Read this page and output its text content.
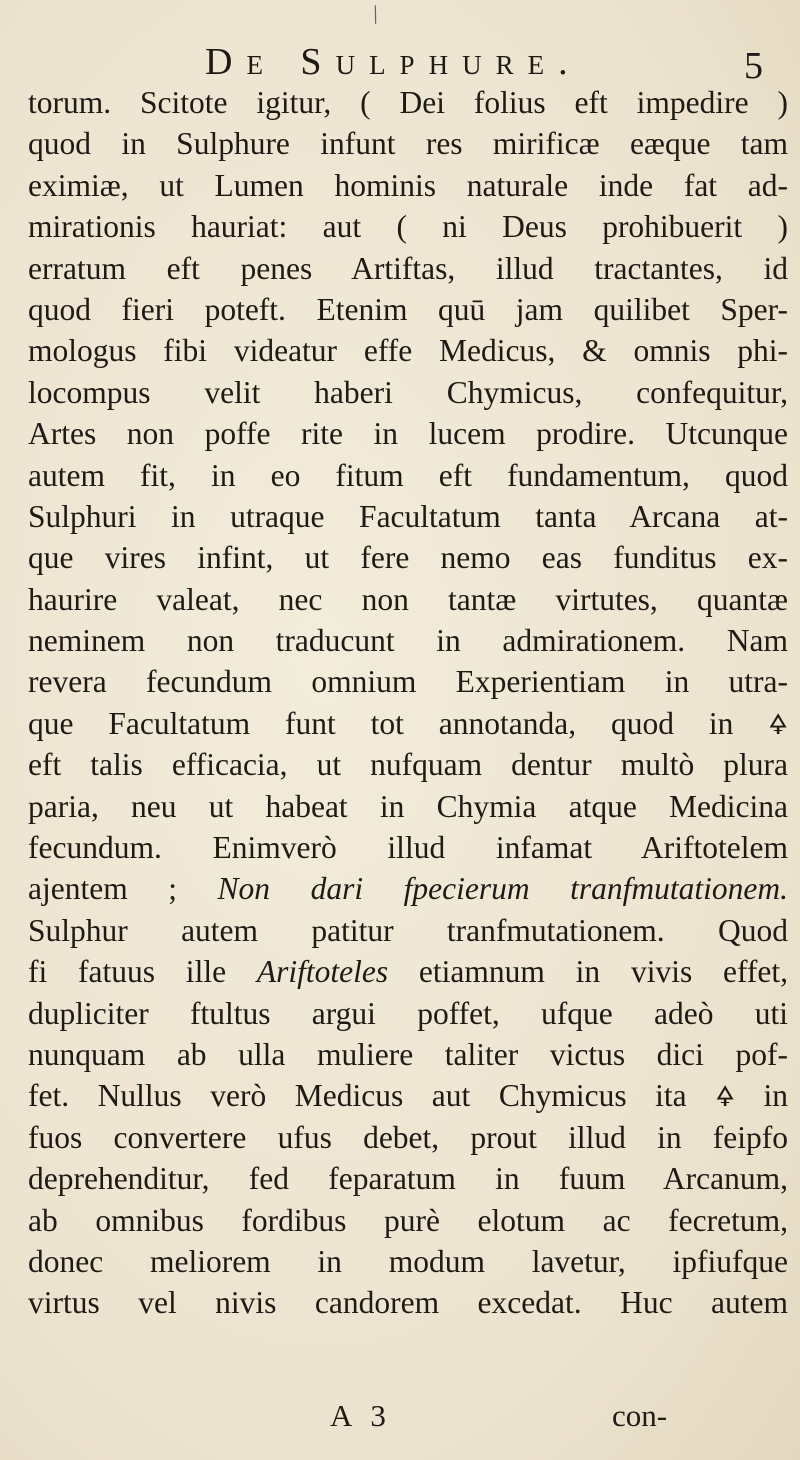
/
De Sulphure.	5
torum. Scitote igitur, ( Dei folius eft impedire )
quod in Sulphure infunt res mirificæ eæque tam
eximiæ, ut Lumen hominis naturale inde fat ad-
mirationis hauriat: aut ( ni Deus prohibuerit )
erratum eft penes Artiftas, illud tractantes, id
quod fieri poteft. Etenim quū jam quilibet Sper-
mologus fibi videatur effe Medicus, & omnis phi-
locompus velit haberi Chymicus, confequitur,
Artes non poffe rite in lucem prodire. Utcunque
autem fit, in eo fitum eft fundamentum, quod
Sulphuri in utraque Facultatum tanta Arcana at-
que vires infint, ut fere nemo eas funditus ex-
haurire valeat, nec non tantæ virtutes, quantæ
neminem non traducunt in admirationem. Nam
revera fecundum omnium Experientiam in utra-
que Facultatum funt tot annotanda, quod in 🜍
eft talis efficacia, ut nufquam dentur multò plura
paria, neu ut habeat in Chymia atque Medicina
fecundum. Enimverò illud infamat Ariftotelem
ajentem ; Non dari fpecierum tranfmutationem.
Sulphur autem patitur tranfmutationem. Quod
fi fatuus ille Ariftoteles etiamnum in vivis effet,
dupliciter ftultus argui poffet, ufque adeò uti
nunquam ab ulla muliere taliter victus dici pof-
fet. Nullus verò Medicus aut Chymicus ita 🜍 in
fuos convertere ufus debet, prout illud in feipfo
deprehenditur, fed feparatum in fuum Arcanum,
ab omnibus fordibus purè elotum ac fecretum,
donec meliorem in modum lavetur, ipfiufque
virtus vel nivis candorem excedat. Huc autem
A 3	con-
